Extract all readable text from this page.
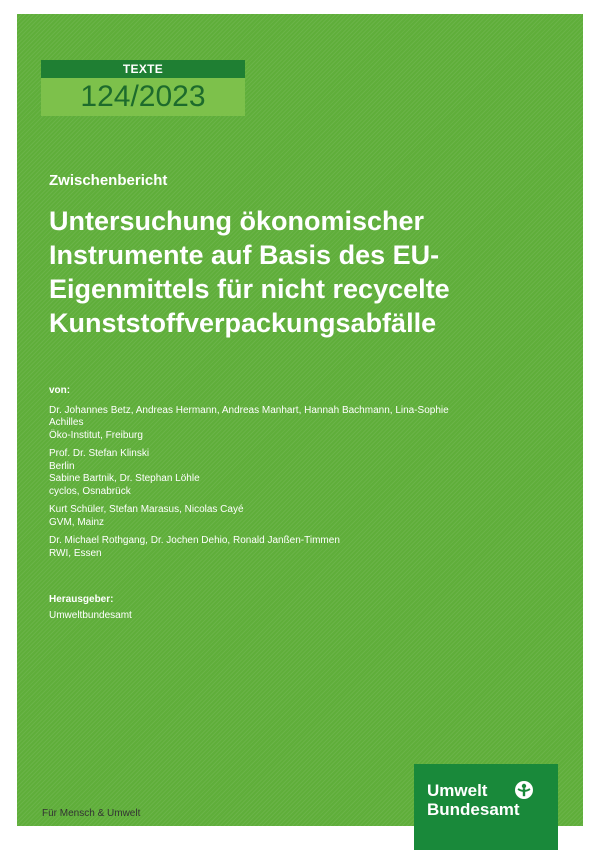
TEXTE
124/2023
Zwischenbericht
Untersuchung ökonomischer
Instrumente auf Basis des EU-
Eigenmittels für nicht recycelte
Kunststoffverpackungsabfälle
von:
Dr. Johannes Betz, Andreas Hermann, Andreas Manhart, Hannah Bachmann, Lina-Sophie
Achilles
Öko-Institut, Freiburg
Prof. Dr. Stefan Klinski
Berlin
Sabine Bartnik, Dr. Stephan Löhle
cyclos, Osnabrück
Kurt Schüler, Stefan Marasus, Nicolas Cayé
GVM, Mainz
Dr. Michael Rothgang, Dr. Jochen Dehio, Ronald Janßen-Timmen
RWI, Essen
Herausgeber:
Umweltbundesamt
Für Mensch & Umwelt
Umwelt
Bundesamt
